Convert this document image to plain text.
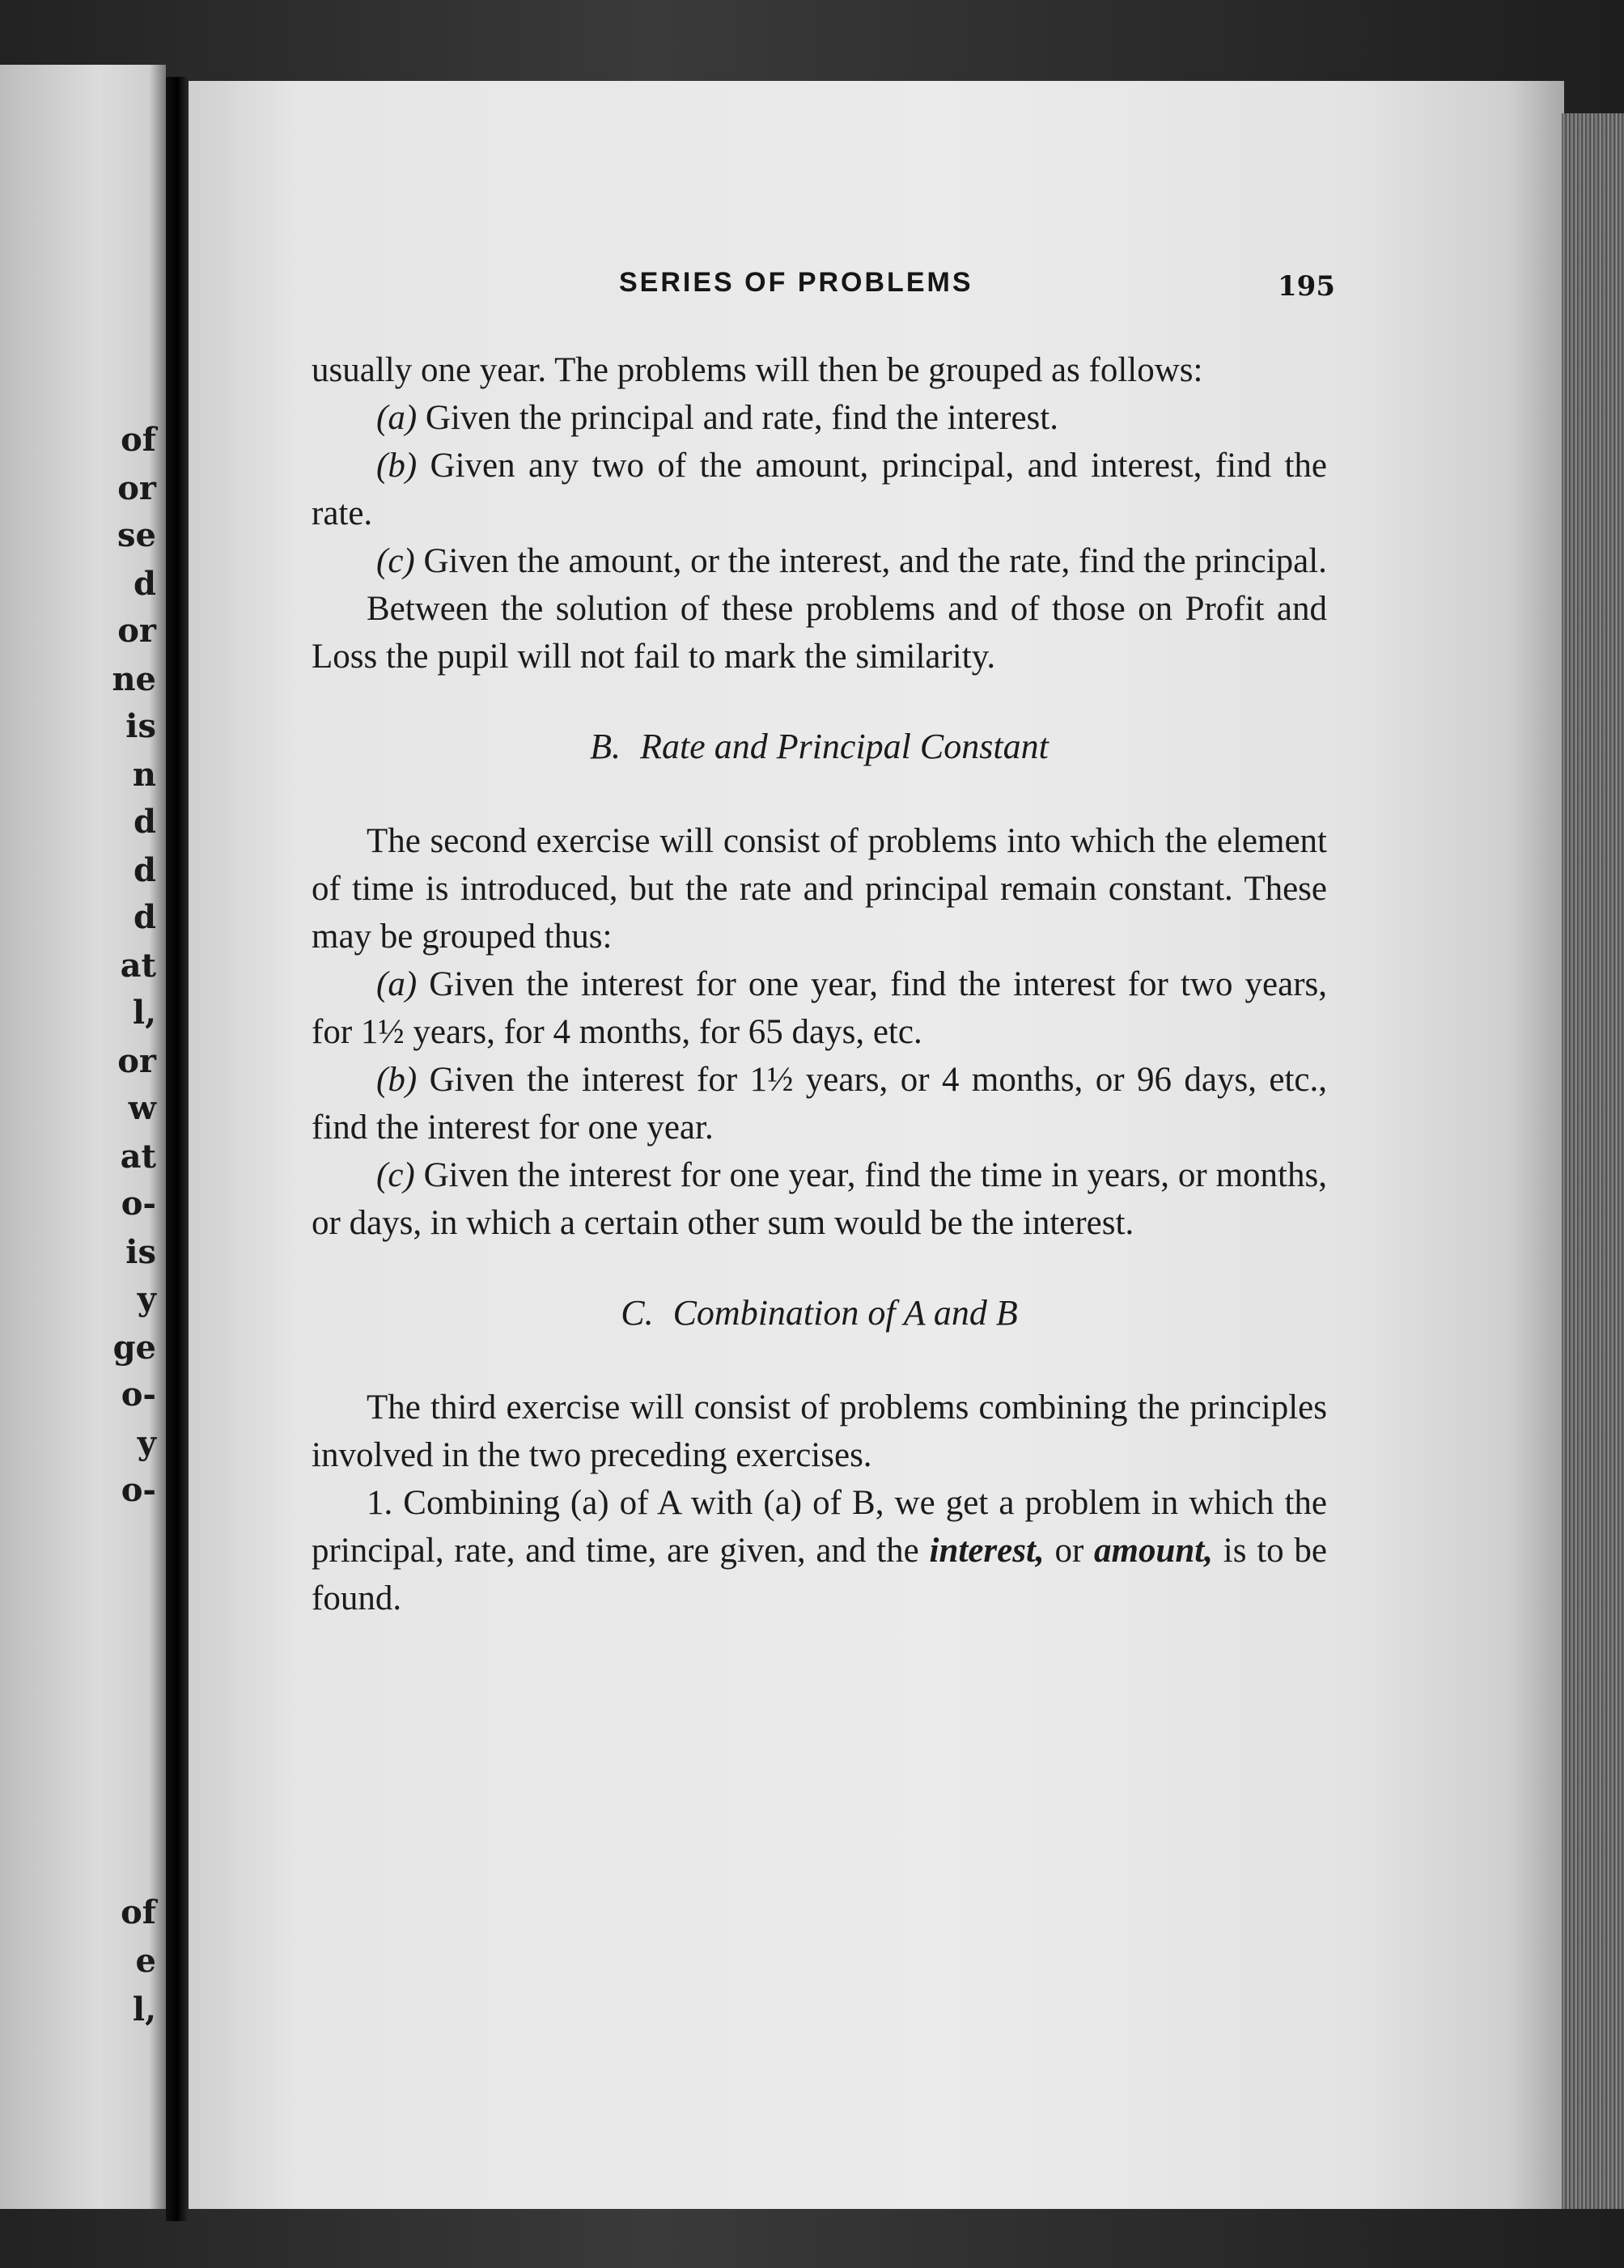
of

or

se

d

or

ne

is

n

d

d

d

at

l,

or

w

at

o-

is

y

ge

o-

y

o-

of

e

l,

SERIES OF PROBLEMS	195

usually one year. The problems will then be grouped as follows:

(a) Given the principal and rate, find the interest.

(b) Given any two of the amount, principal, and interest, find the rate.

(c) Given the amount, or the interest, and the rate, find the principal.

Between the solution of these problems and of those on Profit and Loss the pupil will not fail to mark the similarity.

B. Rate and Principal Constant

The second exercise will consist of problems into which the element of time is introduced, but the rate and principal remain constant. These may be grouped thus:

(a) Given the interest for one year, find the interest for two years, for 1½ years, for 4 months, for 65 days, etc.

(b) Given the interest for 1½ years, or 4 months, or 96 days, etc., find the interest for one year.

(c) Given the interest for one year, find the time in years, or months, or days, in which a certain other sum would be the interest.

C. Combination of A and B

The third exercise will consist of problems combining the principles involved in the two preceding exercises.

1. Combining (a) of A with (a) of B, we get a problem in which the principal, rate, and time, are given, and the interest, or amount, is to be found.
